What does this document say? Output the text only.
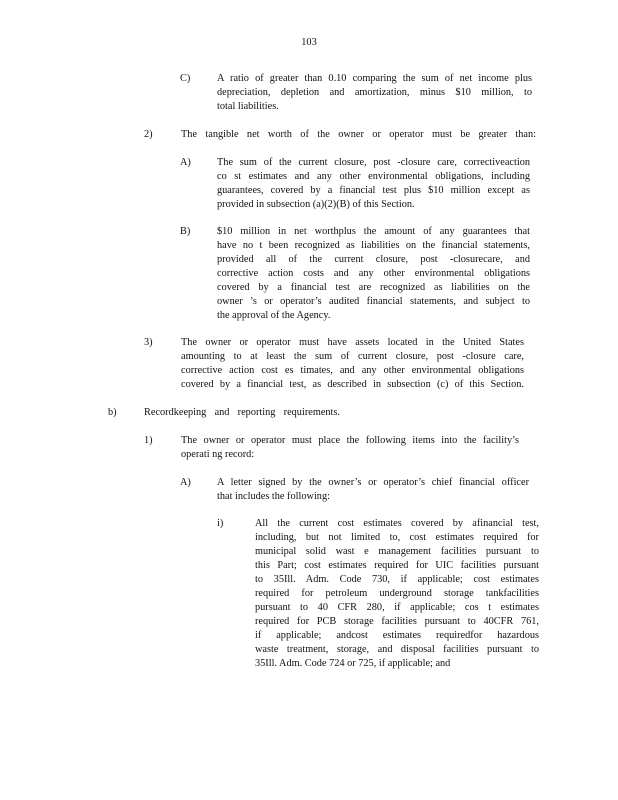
103
C)	A ratio of greater than 0.10 comparing the sum of net income plus
depreciation, depletion and amortization, minus $10 million, to
total liabilities.
2)	The tangible net worth of the owner or operator must be greater than:
A)	The sum of the current closure, post -closure care, correctiveaction
co st estimates and any other environmental obligations, including
guarantees, covered by a financial test plus $10 million except as
provided in subsection (a)(2)(B) of this Section.
B)	$10 million in net worthplus the amount of any guarantees that
have no t been recognized as liabilities on the financial statements,
provided all of the current closure, post -closurecare, and
corrective action costs and any other environmental obligations
covered by a financial test are recognized as liabilities on the
owner ’s or operator’s audited financial statements, and subject to
the approval of the Agency.
3)	The owner or operator must have assets located in the United States
amounting to at least the sum of current closure, post -closure care,
corrective action cost es timates, and any other environmental obligations
covered by a financial test, as described in subsection (c) of this Section.
b)	Recordkeeping and reporting requirements.
1)	The owner or operator must place the following items into the facility’s
operati ng record:
A)	A letter signed by the owner’s or operator’s chief financial officer
that includes the following:
i)	All the current cost estimates covered by afinancial test,
including, but not limited to, cost estimates required for
municipal solid wast e management facilities pursuant to
this Part; cost estimates required for UIC facilities pursuant
to 35Ill. Adm. Code 730, if applicable; cost estimates
required for petroleum underground storage tankfacilities
pursuant to 40 CFR 280, if applicable; cos t estimates
required for PCB storage facilities pursuant to 40CFR 761,
if applicable; andcost estimates requiredfor hazardous
waste treatment, storage, and disposal facilities pursuant to
35Ill. Adm. Code 724 or 725, if applicable; and
